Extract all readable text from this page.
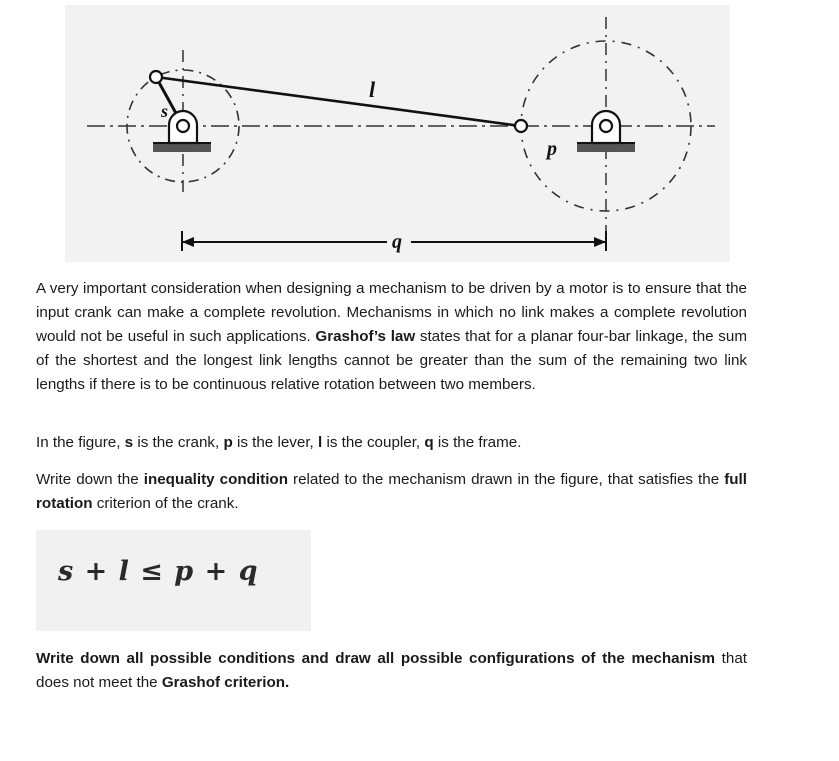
s
l
p
q

A very important consideration when designing a mechanism to be driven by a motor is to ensure that the input crank can make a complete revolution. Mechanisms in which no link makes a complete revolution would not be useful in such applications. Grashof’s law states that for a planar four-bar linkage, the sum of the shortest and the longest link lengths cannot be greater than the sum of the remaining two link lengths if there is to be continuous relative rotation between two members.

In the figure, s is the crank, p is the lever, l is the coupler, q is the frame.

Write down the inequality condition related to the mechanism drawn in the figure, that satisfies the full rotation criterion of the crank.

s + l ≤ p + q

Write down all possible conditions and draw all possible configurations of the mechanism that does not meet the Grashof criterion.
